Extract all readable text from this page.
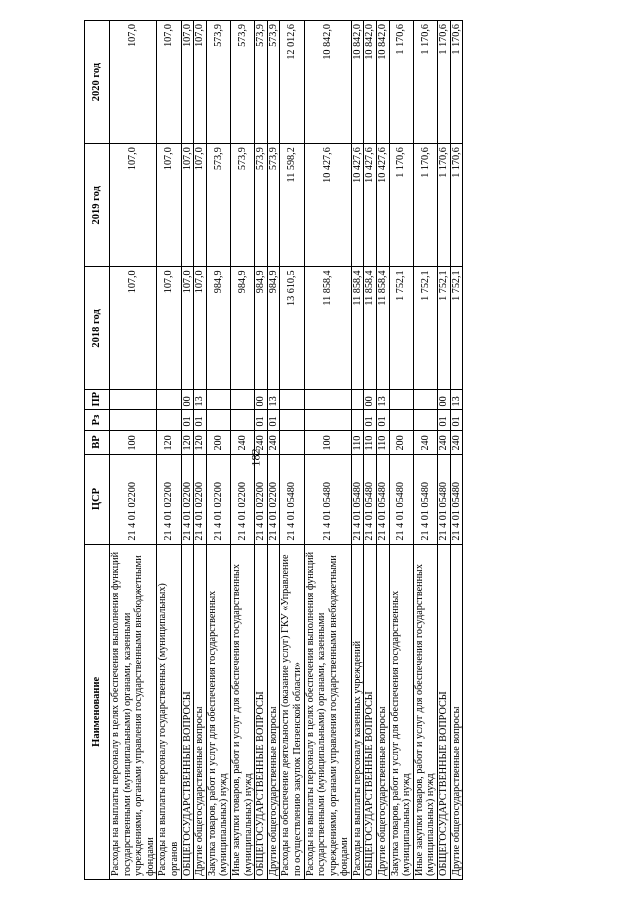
182
Наименование	ЦСР	ВР	Рз	ПР	2018 год	2019 год	2020 год
Расходы на выплаты персоналу в целях обеспечения выполнения функций государственными (муниципальными) органами, казенными учреждениями, органами управления государственными внебюджетными фондами	21 4 01 02200	100			107,0	107,0	107,0
Расходы на выплаты персоналу государственных (муниципальных) органов	21 4 01 02200	120			107,0	107,0	107,0
ОБЩЕГОСУДАРСТВЕННЫЕ ВОПРОСЫ	21 4 01 02200	120	01	00	107,0	107,0	107,0
Другие общегосударственные вопросы	21 4 01 02200	120	01	13	107,0	107,0	107,0
Закупка товаров, работ и услуг для обеспечения государственных (муниципальных) нужд	21 4 01 02200	200			984,9	573,9	573,9
Иные закупки товаров, работ и услуг для обеспечения государственных (муниципальных) нужд	21 4 01 02200	240			984,9	573,9	573,9
ОБЩЕГОСУДАРСТВЕННЫЕ ВОПРОСЫ	21 4 01 02200	240	01	00	984,9	573,9	573,9
Другие общегосударственные вопросы	21 4 01 02200	240	01	13	984,9	573,9	573,9
Расходы на обеспечение деятельности (оказание услуг) ГКУ «Управление по осуществлению закупок Пензенской области»	21 4 01 05480				13 610,5	11 598,2	12 012,6
Расходы на выплаты персоналу в целях обеспечения выполнения функций государственными (муниципальными) органами, казенными учреждениями, органами управления государственными внебюджетными фондами	21 4 01 05480	100			11 858,4	10 427,6	10 842,0
Расходы на выплаты персоналу казенных учреждений	21 4 01 05480	110			11 858,4	10 427,6	10 842,0
ОБЩЕГОСУДАРСТВЕННЫЕ ВОПРОСЫ	21 4 01 05480	110	01	00	11 858,4	10 427,6	10 842,0
Другие общегосударственные вопросы	21 4 01 05480	110	01	13	11 858,4	10 427,6	10 842,0
Закупка товаров, работ и услуг для обеспечения государственных (муниципальных) нужд	21 4 01 05480	200			1 752,1	1 170,6	1 170,6
Иные закупки товаров, работ и услуг для обеспечения государственных (муниципальных) нужд	21 4 01 05480	240			1 752,1	1 170,6	1 170,6
ОБЩЕГОСУДАРСТВЕННЫЕ ВОПРОСЫ	21 4 01 05480	240	01	00	1 752,1	1 170,6	1 170,6
Другие общегосударственные вопросы	21 4 01 05480	240	01	13	1 752,1	1 170,6	1 170,6
